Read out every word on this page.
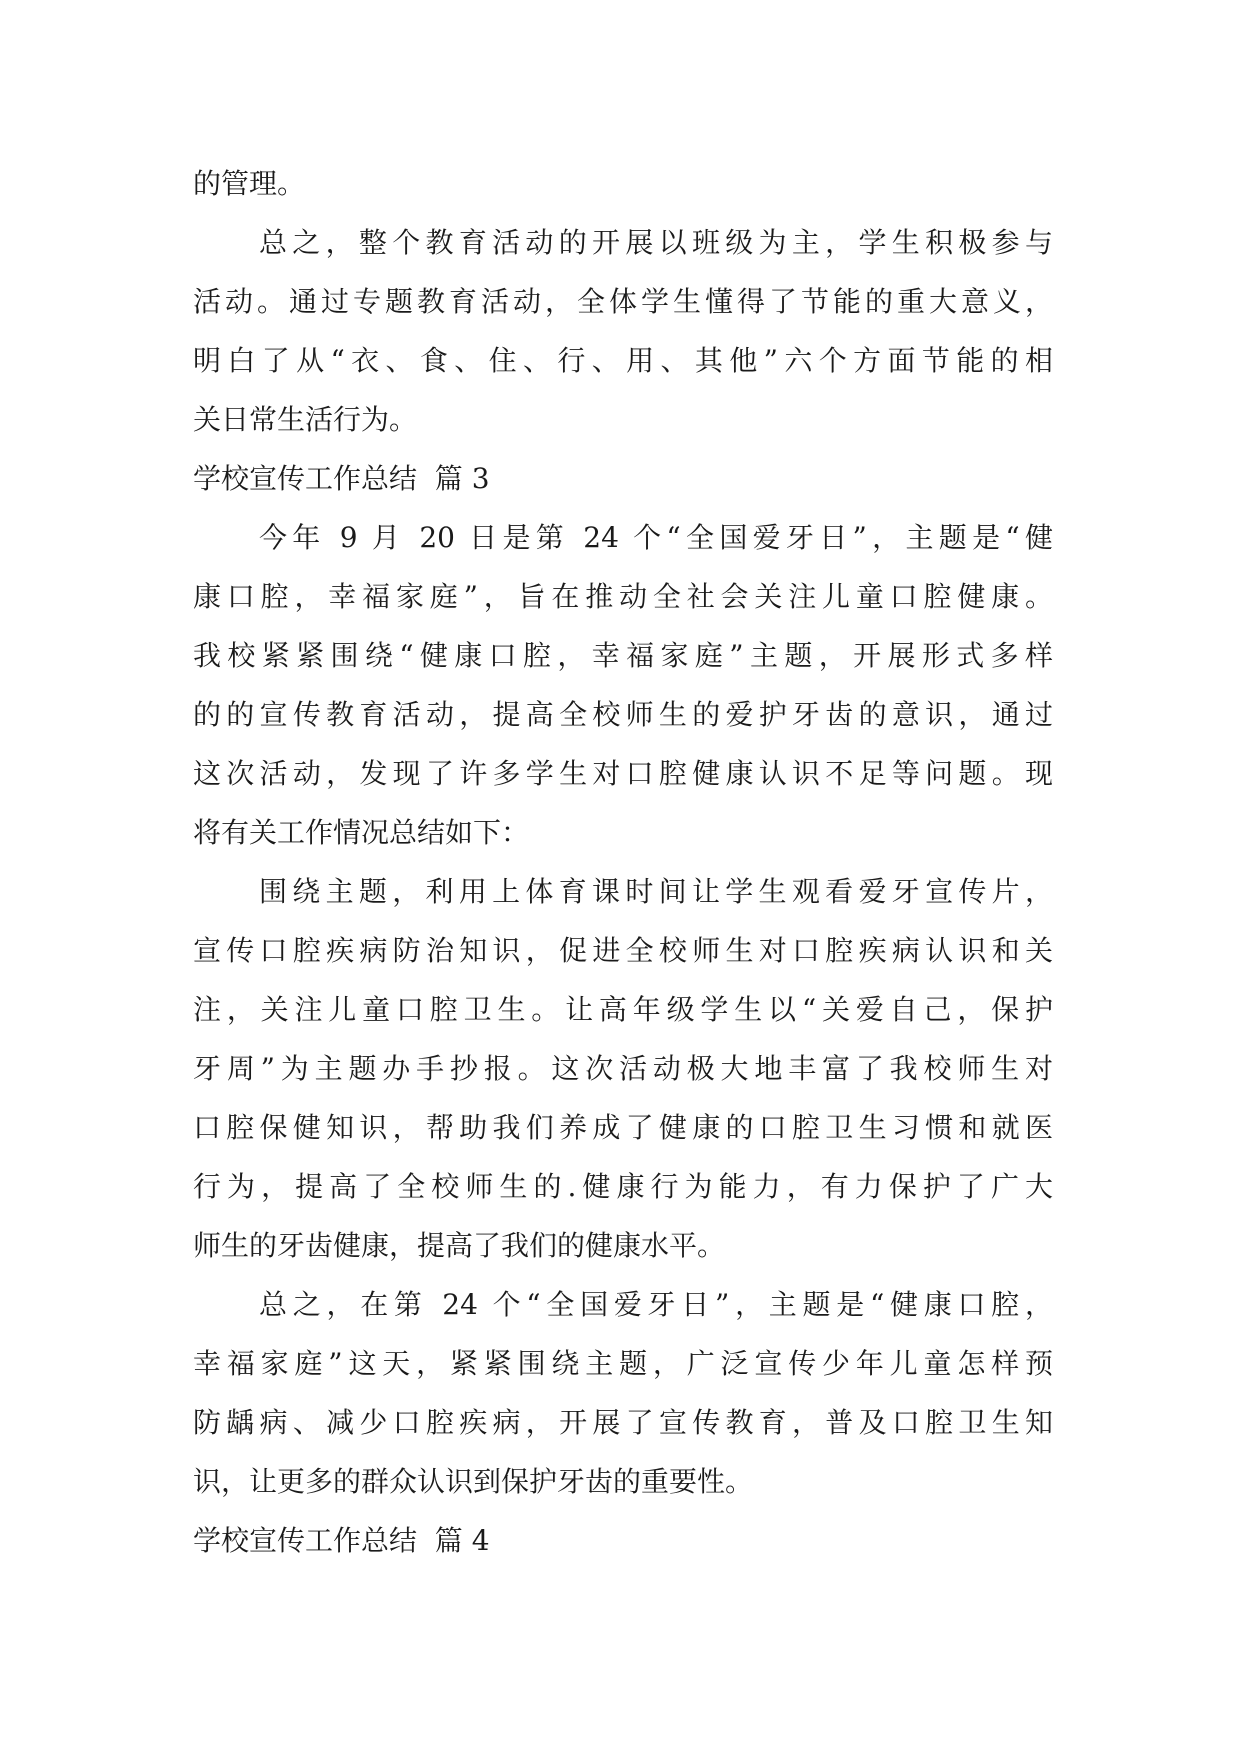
的管理。
总之，整个教育活动的开展以班级为主，学生积极参与
活动。通过专题教育活动，全体学生懂得了节能的重大意义，
明白了从“衣、食、住、行、用、其他”六个方面节能的相
关日常生活行为。
学校宣传工作总结  篇 3
今年 9 月 20 日是第 24 个“全国爱牙日”，主题是“健
康口腔，幸福家庭”，旨在推动全社会关注儿童口腔健康。
我校紧紧围绕“健康口腔，幸福家庭”主题，开展形式多样
的的宣传教育活动，提高全校师生的爱护牙齿的意识，通过
这次活动，发现了许多学生对口腔健康认识不足等问题。现
将有关工作情况总结如下：
围绕主题，利用上体育课时间让学生观看爱牙宣传片，
宣传口腔疾病防治知识，促进全校师生对口腔疾病认识和关
注，关注儿童口腔卫生。让高年级学生以“关爱自己，保护
牙周”为主题办手抄报。这次活动极大地丰富了我校师生对
口腔保健知识，帮助我们养成了健康的口腔卫生习惯和就医
行为，提高了全校师生的.健康行为能力，有力保护了广大
师生的牙齿健康，提高了我们的健康水平。
总之，在第 24 个“全国爱牙日”，主题是“健康口腔，
幸福家庭”这天，紧紧围绕主题，广泛宣传少年儿童怎样预
防龋病、减少口腔疾病，开展了宣传教育，普及口腔卫生知
识，让更多的群众认识到保护牙齿的重要性。
学校宣传工作总结  篇 4
